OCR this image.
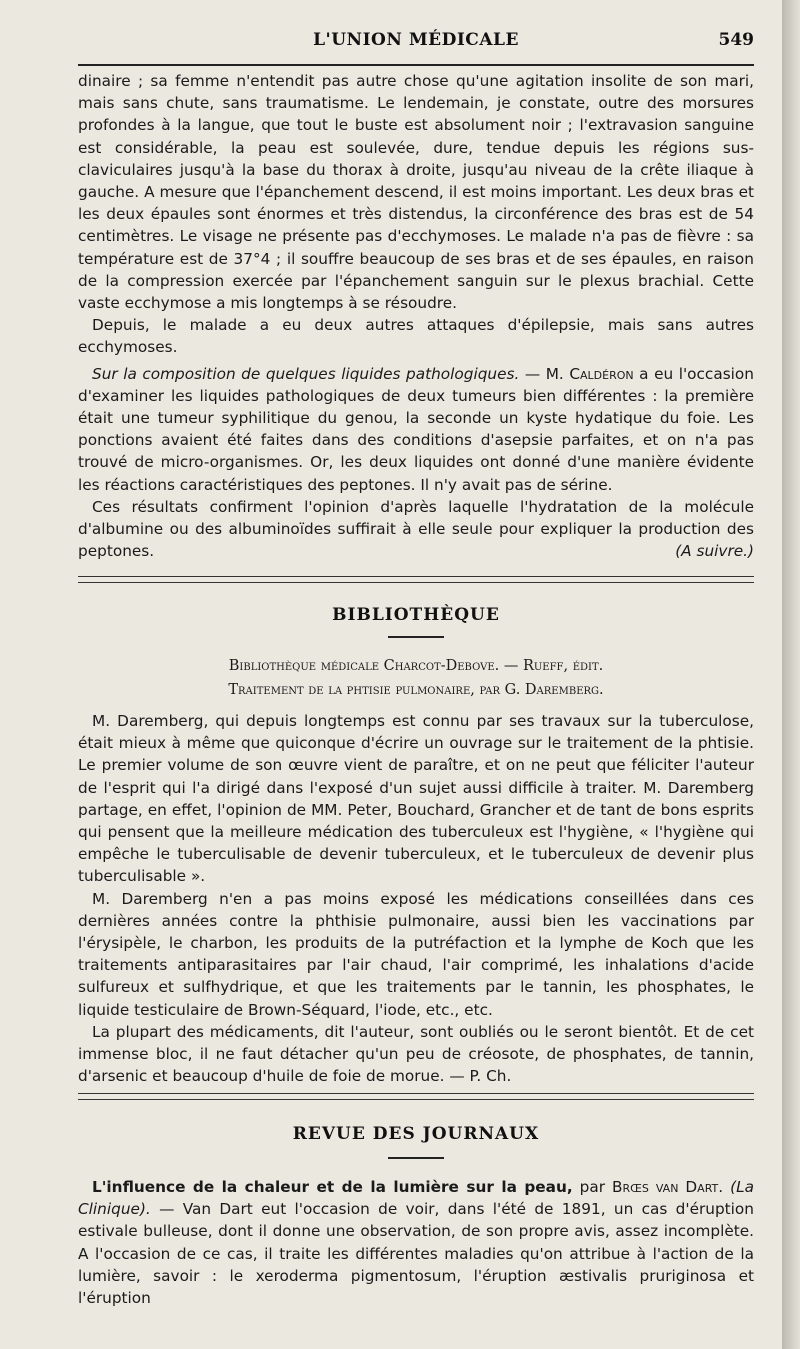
L'UNION MÉDICALE	549

dinaire ; sa femme n'entendit pas autre chose qu'une agitation insolite de son mari, mais sans chute, sans traumatisme. Le lendemain, je constate, outre des morsures profondes à la langue, que tout le buste est absolument noir ; l'extravasion sanguine est considérable, la peau est soulevée, dure, tendue depuis les régions sus-claviculaires jusqu'à la base du thorax à droite, jusqu'au niveau de la crête iliaque à gauche. A mesure que l'épanchement descend, il est moins important. Les deux bras et les deux épaules sont énormes et très distendus, la circonférence des bras est de 54 centimètres. Le visage ne présente pas d'ecchymoses. Le malade n'a pas de fièvre : sa température est de 37°4 ; il souffre beaucoup de ses bras et de ses épaules, en raison de la compression exercée par l'épanchement sanguin sur le plexus brachial. Cette vaste ecchymose a mis longtemps à se résoudre.

Depuis, le malade a eu deux autres attaques d'épilepsie, mais sans autres ecchymoses.

Sur la composition de quelques liquides pathologiques. — M. Caldéron a eu l'occasion d'examiner les liquides pathologiques de deux tumeurs bien différentes : la première était une tumeur syphilitique du genou, la seconde un kyste hydatique du foie. Les ponctions avaient été faites dans des conditions d'asepsie parfaites, et on n'a pas trouvé de micro-organismes. Or, les deux liquides ont donné d'une manière évidente les réactions caractéristiques des peptones. Il n'y avait pas de sérine.

Ces résultats confirment l'opinion d'après laquelle l'hydratation de la molécule d'albumine ou des albuminoïdes suffirait à elle seule pour expliquer la production des peptones.	(A suivre.)

BIBLIOTHÈQUE
Bibliothèque médicale Charcot-Debove. — Rueff, édit.
Traitement de la phtisie pulmonaire, par G. Daremberg.

M. Daremberg, qui depuis longtemps est connu par ses travaux sur la tuberculose, était mieux à même que quiconque d'écrire un ouvrage sur le traitement de la phtisie. Le premier volume de son œuvre vient de paraître, et on ne peut que féliciter l'auteur de l'esprit qui l'a dirigé dans l'exposé d'un sujet aussi difficile à traiter. M. Daremberg partage, en effet, l'opinion de MM. Peter, Bouchard, Grancher et de tant de bons esprits qui pensent que la meilleure médication des tuberculeux est l'hygiène, « l'hygiène qui empêche le tuberculisable de devenir tuberculeux, et le tuberculeux de devenir plus tuberculisable ».

M. Daremberg n'en a pas moins exposé les médications conseillées dans ces dernières années contre la phthisie pulmonaire, aussi bien les vaccinations par l'érysipèle, le charbon, les produits de la putréfaction et la lymphe de Koch que les traitements antiparasitaires par l'air chaud, l'air comprimé, les inhalations d'acide sulfureux et sulfhydrique, et que les traitements par le tannin, les phosphates, le liquide testiculaire de Brown-Séquard, l'iode, etc., etc.

La plupart des médicaments, dit l'auteur, sont oubliés ou le seront bientôt. Et de cet immense bloc, il ne faut détacher qu'un peu de créosote, de phosphates, de tannin, d'arsenic et beaucoup d'huile de foie de morue. — P. Ch.

REVUE DES JOURNAUX

L'influence de la chaleur et de la lumière sur la peau, par Brœs van Dart. (La Clinique). — Van Dart eut l'occasion de voir, dans l'été de 1891, un cas d'éruption estivale bulleuse, dont il donne une observation, de son propre avis, assez incomplète. A l'occasion de ce cas, il traite les différentes maladies qu'on attribue à l'action de la lumière, savoir : le xeroderma pigmentosum, l'éruption æstivalis pruriginosa et l'éruption
